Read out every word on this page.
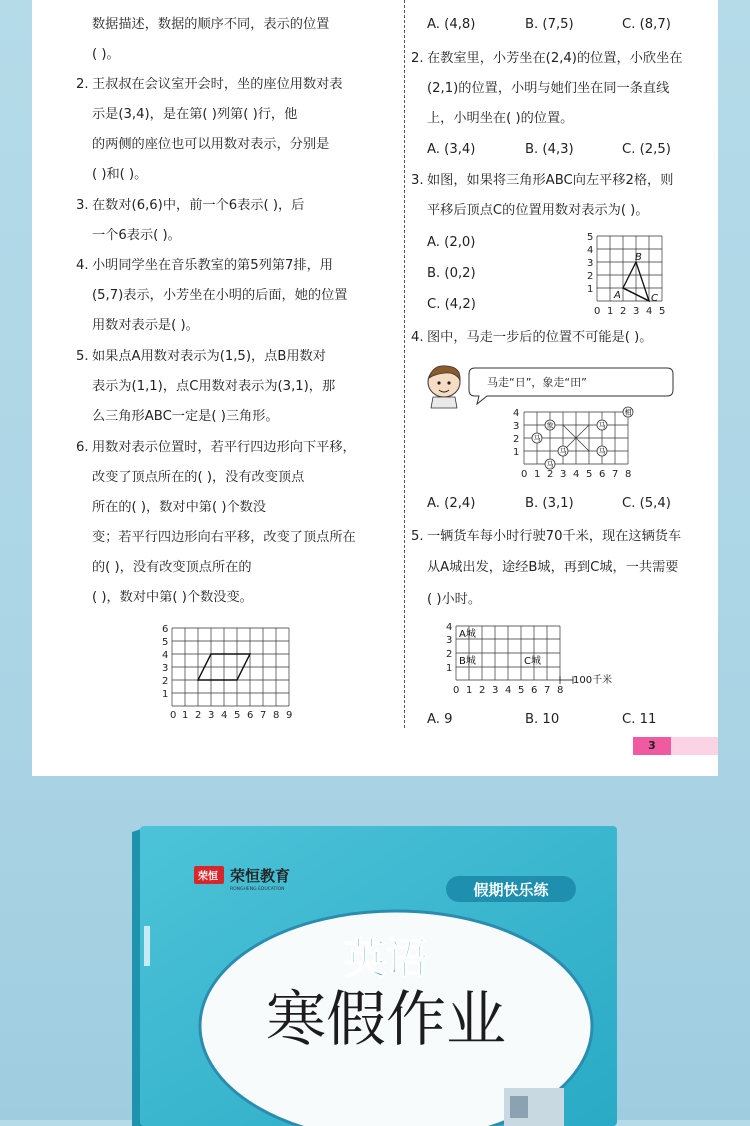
数据描述，数据的顺序不同，表示的位置
( )。
2. 王叔叔在会议室开会时，坐的座位用数对表
示是(3,4)，是在第( )列第( )行，他
的两侧的座位也可以用数对表示，分别是
( )和( )。
3. 在数对(6,6)中，前一个6表示( )，后
一个6表示( )。
4. 小明同学坐在音乐教室的第5列第7排，用
(5,7)表示，小芳坐在小明的后面，她的位置
用数对表示是( )。
5. 如果点A用数对表示为(1,5)，点B用数对
表示为(1,1)，点C用数对表示为(3,1)，那
么三角形ABC一定是( )三角形。
6. 用数对表示位置时，若平行四边形向下平移，
改变了顶点所在的( )，没有改变顶点
所在的( )，数对中第( )个数没
变；若平行四边形向右平移，改变了顶点所在
的( )，没有改变顶点所在的
( )，数对中第( )个数没变。
0 1 2 3 4 5 6 7 8 9
1
2
3
4
5
6
A. (4,8)	B. (7,5)	C. (8,7)
2. 在教室里，小芳坐在(2,4)的位置，小欣坐在
(2,1)的位置，小明与她们坐在同一条直线
上，小明坐在( )的位置。
A. (3,4)	B. (4,3)	C. (2,5)
3. 如图，如果将三角形ABC向左平移2格，则
平移后顶点C的位置用数对表示为( )。
A. (2,0)
B. (0,2)
C. (4,2)
4. 图中，马走一步后的位置不可能是( )。
A. (2,4)	B. (3,1)	C. (5,4)
5. 一辆货车每小时行驶70千米，现在这辆货车
从A城出发，途经B城，再到C城，一共需要
( )小时。
A. 9	B. 10	C. 11
A
B
C
0 1 2 3 4 5
1
2
3
4
5
马走“日”，象走“田”
马
象
马
马
马
马
相
0 1 2 3 4 5 6 7 8
1
2
3
4
A城
B城	C城
100千米
0 1 2 3 4 5 6 7 8
1
2
3
4
3
荣恒 荣恒教育
RONGHENG EDUCATION	假期快乐练
英语
寒假作业
